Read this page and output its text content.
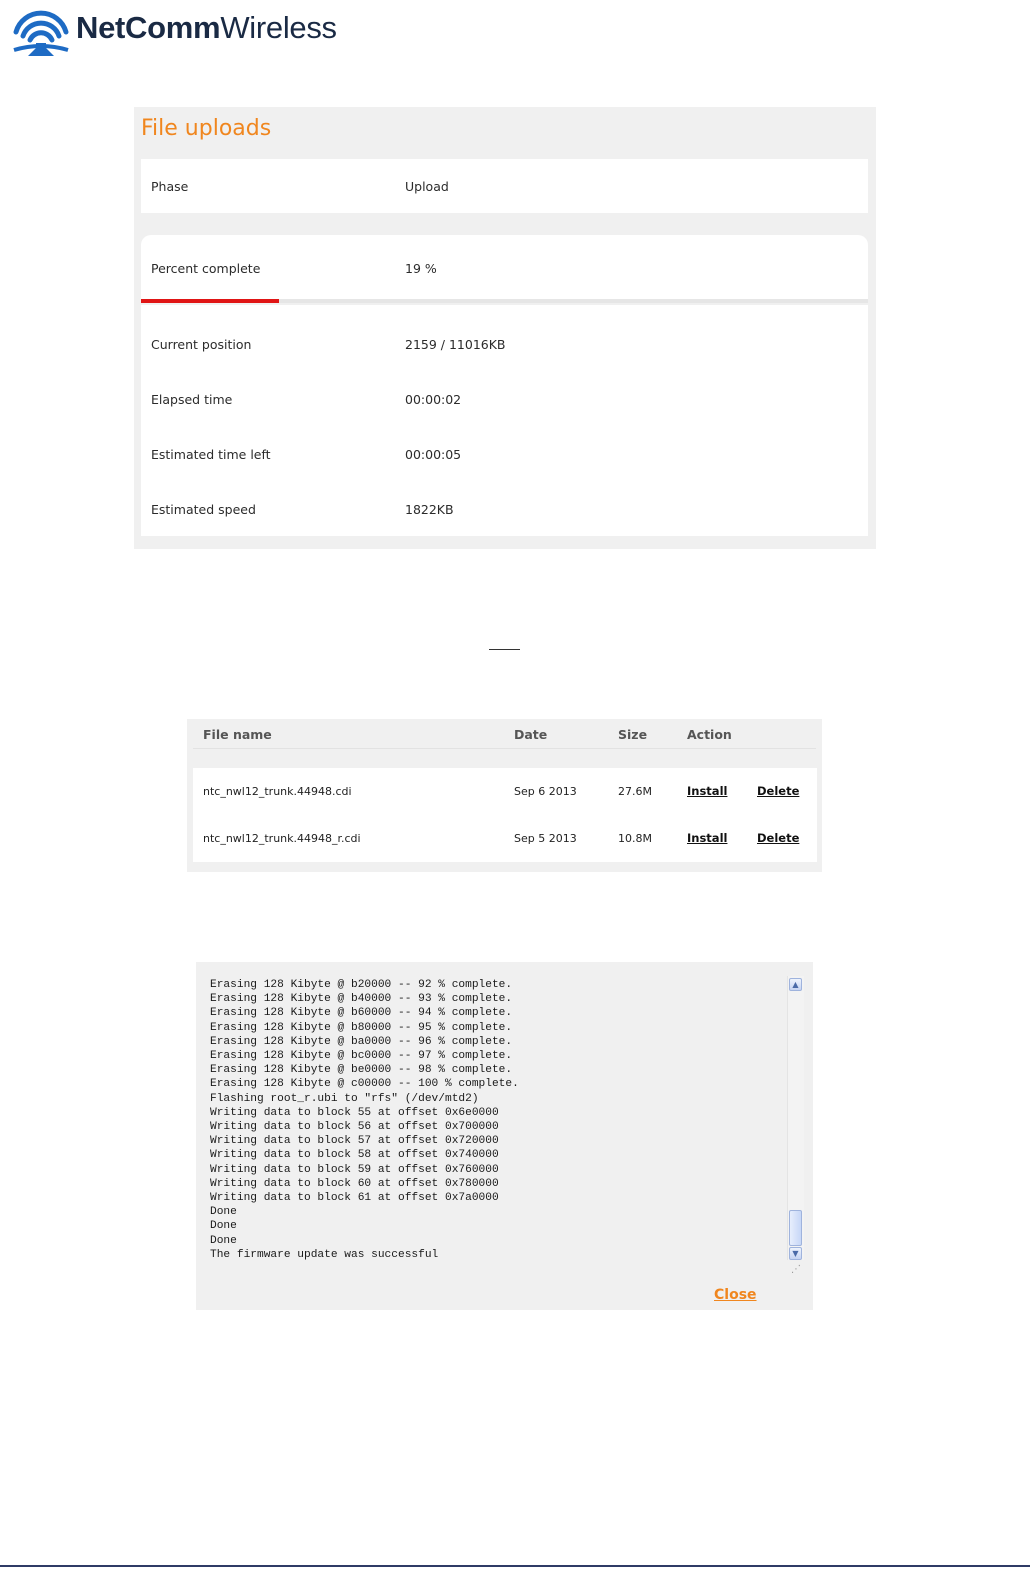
NetCommWireless
File uploads
Phase	Upload
Percent complete	19 %
Current position	2159 / 11016KB
Elapsed time	00:00:02
Estimated time left	00:00:05
Estimated speed	1822KB
File name	Date	Size	Action
ntc_nwl12_trunk.44948.cdi	Sep 6 2013	27.6M	Install	Delete
ntc_nwl12_trunk.44948_r.cdi	Sep 5 2013	10.8M	Install	Delete
Erasing 128 Kibyte @ b20000 -- 92 % complete.
Erasing 128 Kibyte @ b40000 -- 93 % complete.
Erasing 128 Kibyte @ b60000 -- 94 % complete.
Erasing 128 Kibyte @ b80000 -- 95 % complete.
Erasing 128 Kibyte @ ba0000 -- 96 % complete.
Erasing 128 Kibyte @ bc0000 -- 97 % complete.
Erasing 128 Kibyte @ be0000 -- 98 % complete.
Erasing 128 Kibyte @ c00000 -- 100 % complete.
Flashing root_r.ubi to "rfs" (/dev/mtd2)
Writing data to block 55 at offset 0x6e0000
Writing data to block 56 at offset 0x700000
Writing data to block 57 at offset 0x720000
Writing data to block 58 at offset 0x740000
Writing data to block 59 at offset 0x760000
Writing data to block 60 at offset 0x780000
Writing data to block 61 at offset 0x7a0000
Done
Done
Done
The firmware update was successful
▲
▼
⋰
Close
